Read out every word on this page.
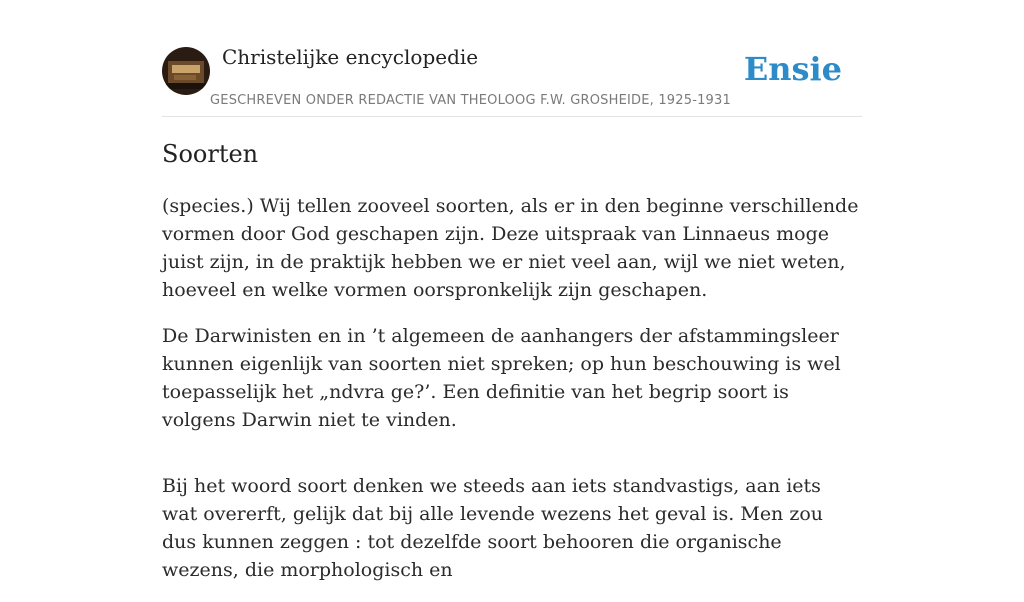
Christelijke encyclopedie
GESCHREVEN ONDER REDACTIE VAN THEOLOOG F.W. GROSHEIDE, 1925-1931
Ensie
Soorten

(species.) Wij tellen zooveel soorten, als er in den beginne verschillende vormen door God geschapen zijn. Deze uitspraak van Linnaeus moge juist zijn, in de praktijk hebben we er niet veel aan, wijl we niet weten, hoeveel en welke vormen oorspronkelijk zijn geschapen.

De Darwinisten en in ’t algemeen de aanhangers der afstammingsleer kunnen eigenlijk van soorten niet spreken; op hun beschouwing is wel toepasselijk het „ndvra ge?’. Een definitie van het begrip soort is volgens Darwin niet te vinden.

Bij het woord soort denken we steeds aan iets standvastigs, aan iets wat overerft, gelijk dat bij alle levende wezens het geval is. Men zou dus kunnen zeggen : tot dezelfde soort behooren die organische wezens, die morphologisch en
